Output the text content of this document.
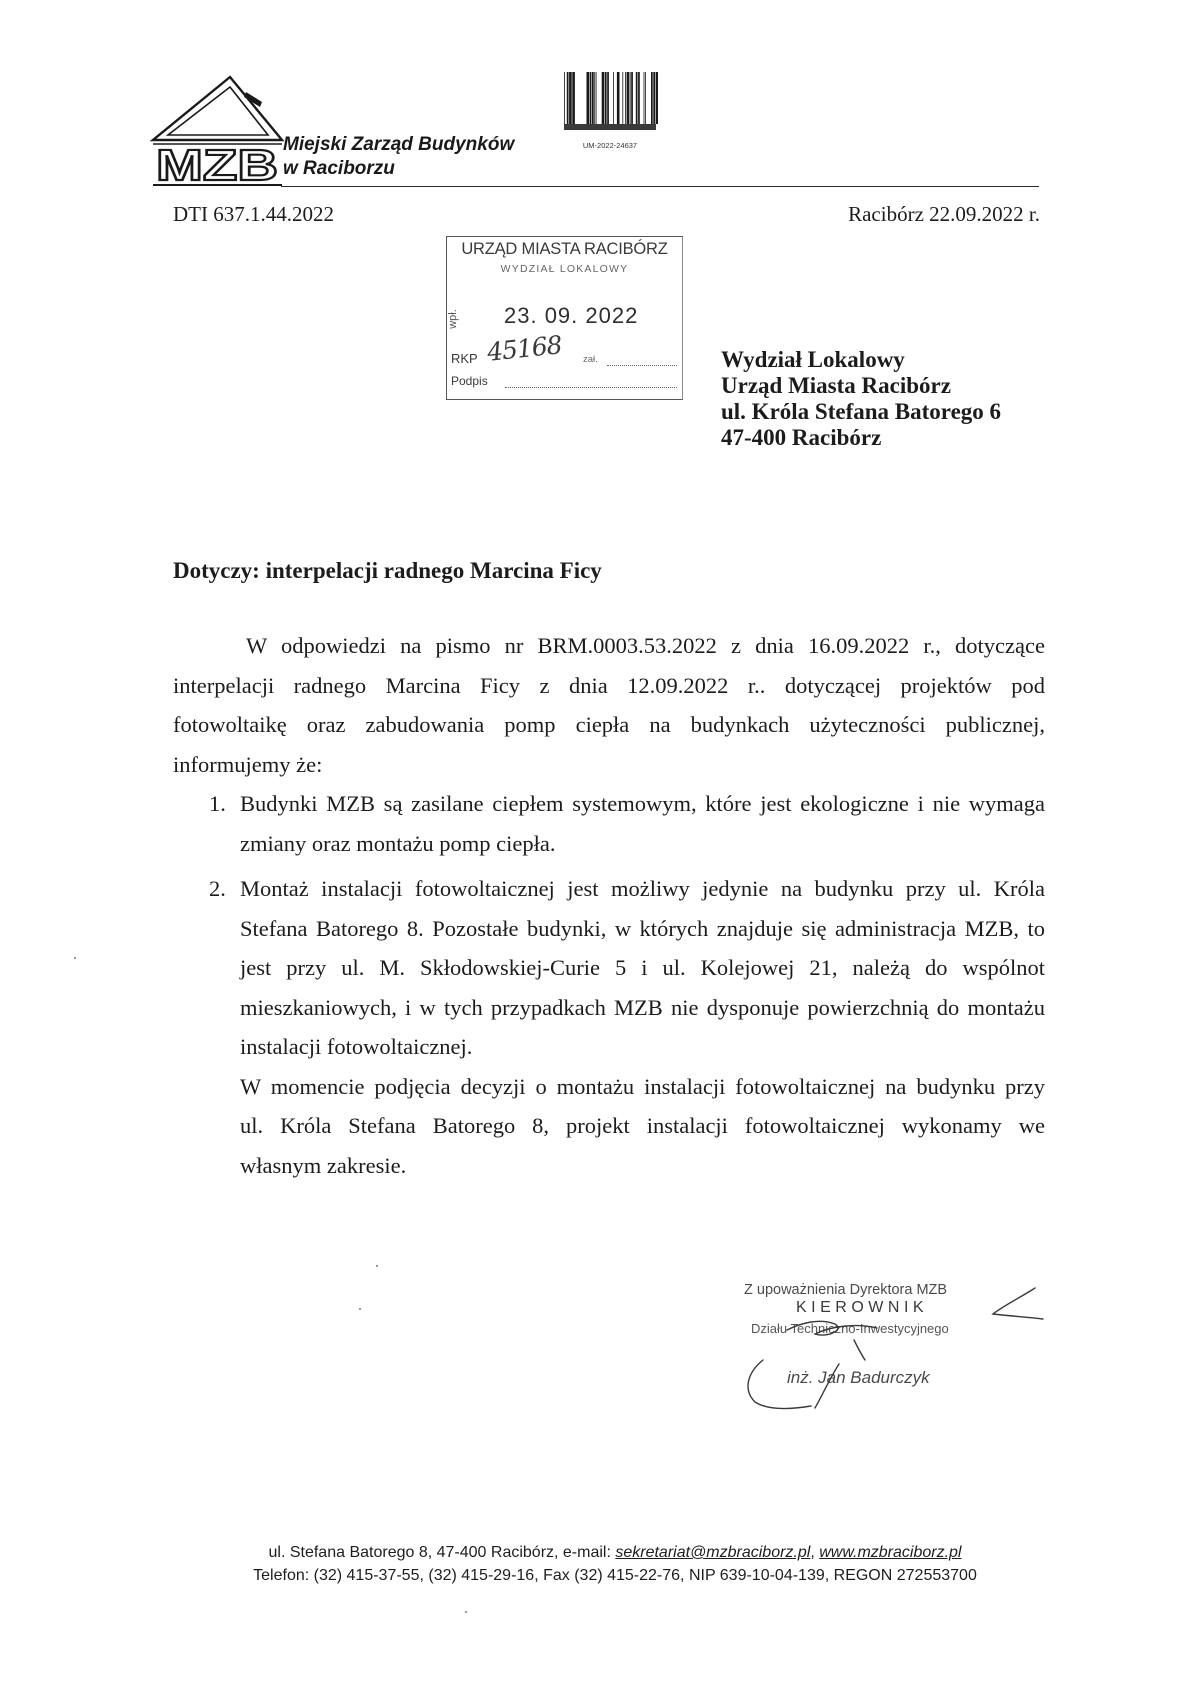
MZB Miejski Zarząd Budynków
w Raciborzu
UM-2022-24637
DTI 637.1.44.2022	Racibórz 22.09.2022 r.
URZĄD MIASTA RACIBÓRZ
WYDZIAŁ LOKALOWY
wpł. 23. 09. 2022
RKP 45168 zał.
Podpis
Wydział Lokalowy
Urząd Miasta Racibórz
ul. Króla Stefana Batorego 6
47-400 Racibórz
Dotyczy: interpelacji radnego Marcina Ficy
W odpowiedzi na pismo nr BRM.0003.53.2022 z dnia 16.09.2022 r., dotyczące
interpelacji radnego Marcina Ficy z dnia 12.09.2022 r.. dotyczącej projektów pod
fotowoltaikę oraz zabudowania pomp ciepła na budynkach użyteczności publicznej,
informujemy że:
1. Budynki MZB są zasilane ciepłem systemowym, które jest ekologiczne i nie wymaga
zmiany oraz montażu pomp ciepła.
2. Montaż instalacji fotowoltaicznej jest możliwy jedynie na budynku przy ul. Króla
Stefana Batorego 8. Pozostałe budynki, w których znajduje się administracja MZB, to
jest przy ul. M. Skłodowskiej-Curie 5 i ul. Kolejowej 21, należą do wspólnot
mieszkaniowych, i w tych przypadkach MZB nie dysponuje powierzchnią do montażu
instalacji fotowoltaicznej.
W momencie podjęcia decyzji o montażu instalacji fotowoltaicznej na budynku przy
ul. Króla Stefana Batorego 8, projekt instalacji fotowoltaicznej wykonamy we
własnym zakresie.
Z upoważnienia Dyrektora MZB
KIEROWNIK
Działu Techniczno-Inwestycyjnego
inż. Jan Badurczyk
ul. Stefana Batorego 8, 47-400 Racibórz, e-mail: sekretariat@mzbraciborz.pl, www.mzbraciborz.pl
Telefon: (32) 415-37-55, (32) 415-29-16, Fax (32) 415-22-76, NIP 639-10-04-139, REGON 272553700
